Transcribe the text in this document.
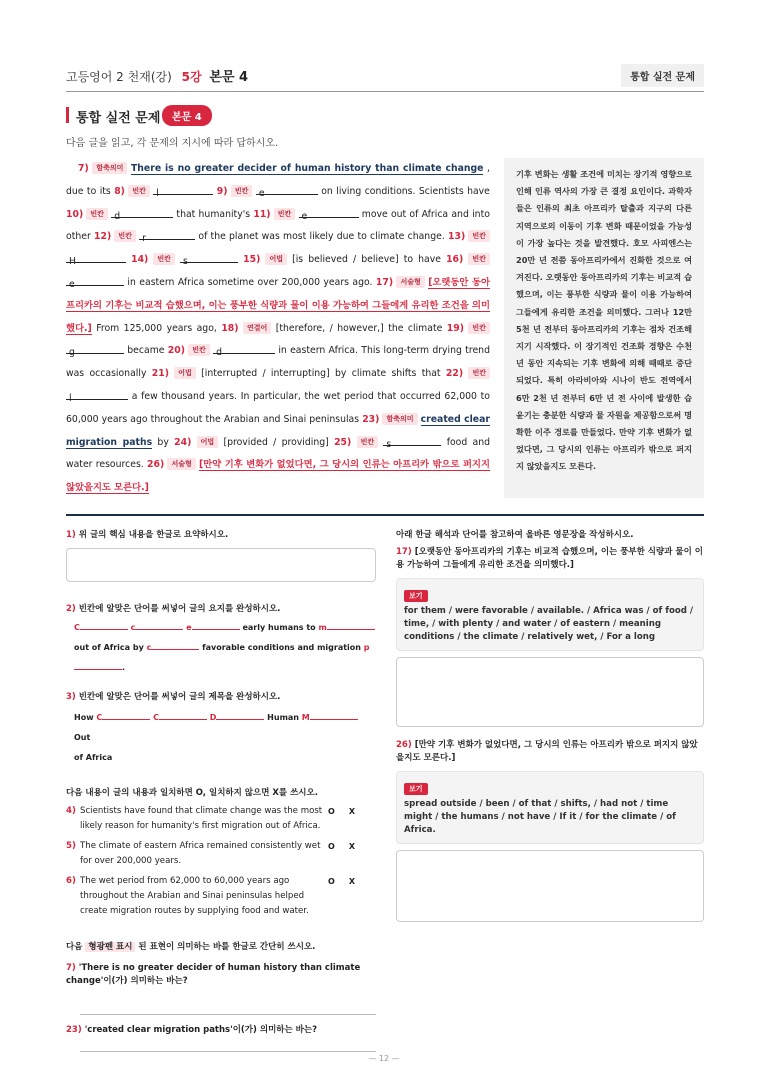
고등영어 2 천재(강) 5강 본문 4	통합 실전 문제
통합 실전 문제	본문 4
다음 글을 읽고, 각 문제의 지시에 따라 답하시오.

7) 함축의미 There is no greater decider of human history than climate change , due to its 8) 빈칸 l	9) 빈칸 e	on living conditions. Scientists have 10) 빈칸 d	that humanity's 11) 빈칸 e	move out of Africa and into other 12) 빈칸 r	of the planet was most likely due to climate change. 13) 빈칸 H	14) 빈칸 s	15) 어법 [is believed / believe] to have 16) 빈칸 e	in eastern Africa sometime over 200,000 years ago. 17) 서술형 [오랫동안 동아프리카의 기후는 비교적 습했으며, 이는 풍부한 식량과 물이 이용 가능하여 그들에게 유리한 조건을 의미했다.] From 125,000 years ago, 18) 연결어 [therefore, / however,] the climate 19) 빈칸 g	became 20) 빈칸 d	in eastern Africa. This long-term drying trend was occasionally 21) 어법 [interrupted / interrupting] by climate shifts that 22) 빈칸 l	a few thousand years. In particular, the wet period that occurred 62,000 to 60,000 years ago throughout the Arabian and Sinai peninsulas 23) 함축의미 created clear migration paths by 24) 어법 [provided / providing] 25) 빈칸 s	food and water resources. 26) 서술형 [만약 기후 변화가 없었다면, 그 당시의 인류는 아프리카 밖으로 퍼지지 않았을지도 모른다.]

기후 변화는 생활 조건에 미치는 장기적 영향으로 인해 인류 역사의 가장 큰 결정 요인이다. 과학자들은 인류의 최초 아프리카 탈출과 지구의 다른 지역으로의 이동이 기후 변화 때문이었을 가능성이 가장 높다는 것을 발견했다. 호모 사피엔스는 20만 년 전쯤 동아프리카에서 진화한 것으로 여겨진다. 오랫동안 동아프리카의 기후는 비교적 습했으며, 이는 풍부한 식량과 물이 이용 가능하여 그들에게 유리한 조건을 의미했다. 그러나 12만 5천 년 전부터 동아프리카의 기후는 점차 건조해지기 시작했다. 이 장기적인 건조화 경향은 수천 년 동안 지속되는 기후 변화에 의해 때때로 중단되었다. 특히 아라비아와 시나이 반도 전역에서 6만 2천 년 전부터 6만 년 전 사이에 발생한 습윤기는 충분한 식량과 물 자원을 제공함으로써 명확한 이주 경로를 만들었다. 만약 기후 변화가 없었다면, 그 당시의 인류는 아프리카 밖으로 퍼지지 않았을지도 모른다.
1) 위 글의 핵심 내용을 한글로 요약하시오.
2) 빈칸에 알맞은 단어를 써넣어 글의 요지를 완성하시오.
C	c	e	early humans to m
out of Africa by c	favorable conditions and migration p
.
3) 빈칸에 알맞은 단어를 써넣어 글의 제목을 완성하시오.
How C	C	D	Human M Out
of Africa
다음 내용이 글의 내용과 일치하면 O, 일치하지 않으면 X를 쓰시오.
4) Scientists have found that climate change was the most likely reason for humanity's first migration out of Africa.
O X
5) The climate of eastern Africa remained consistently wet for over 200,000 years.
O X
6) The wet period from 62,000 to 60,000 years ago throughout the Arabian and Sinai peninsulas helped create migration routes by supplying food and water.
O X
다음 형광펜 표시 된 표현이 의미하는 바를 한글로 간단히 쓰시오.
7) 'There is no greater decider of human history than climate change'이(가) 의미하는 바는?
23) 'created clear migration paths'이(가) 의미하는 바는?
아래 한글 해석과 단어를 참고하여 올바른 영문장을 작성하시오.
17) [오랫동안 동아프리카의 기후는 비교적 습했으며, 이는 풍부한 식량과 물이 이용 가능하여 그들에게 유리한 조건을 의미했다.]
보기
for them / were favorable / available. / Africa was / of food / time, / with plenty / and water / of eastern / meaning conditions / the climate / relatively wet, / For a long
26) [만약 기후 변화가 없었다면, 그 당시의 인류는 아프리카 밖으로 퍼지지 않았을지도 모른다.]
보기
spread outside / been / of that / shifts, / had not / time might / the humans / not have / If it / for the climate / of Africa.
— 12 —
